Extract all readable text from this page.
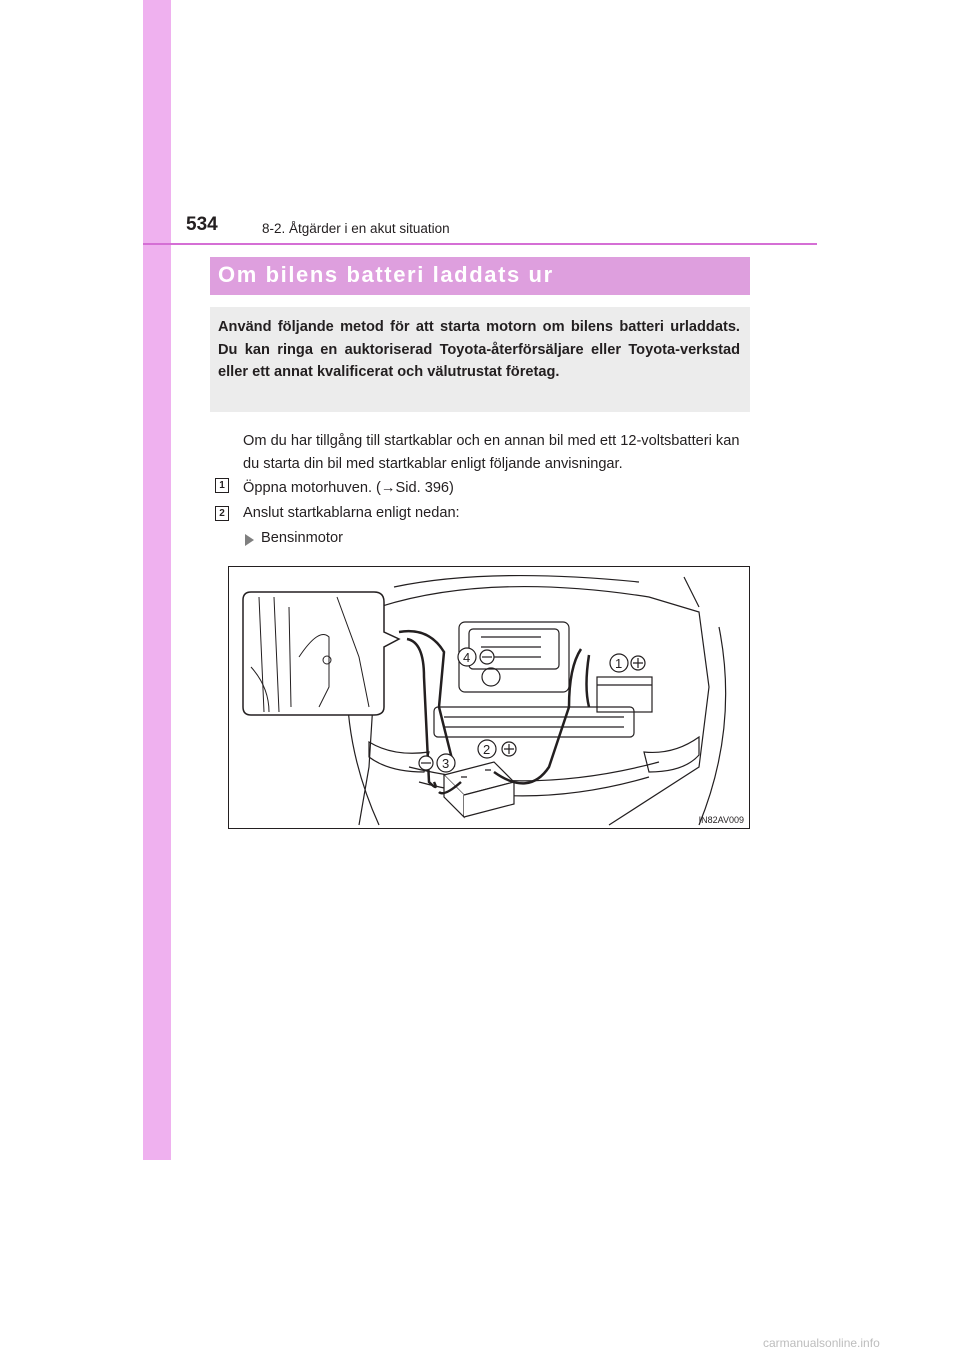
534	8-2. Åtgärder i en akut situation
Om bilens batteri laddats ur
Använd följande metod för att starta motorn om bilens batteri urladdats. Du kan ringa en auktoriserad Toyota-återförsäljare eller Toyota-verkstad eller ett annat kvalificerat och välutrustat företag.
Om du har tillgång till startkablar och en annan bil med ett 12-voltsbatteri kan du starta din bil med startkablar enligt följande anvisningar.
1 Öppna motorhuven. (→Sid. 396)
2 Anslut startkablarna enligt nedan:
Bensinmotor
1
2
3
4
IN82AV009
carmanualsonline.info
